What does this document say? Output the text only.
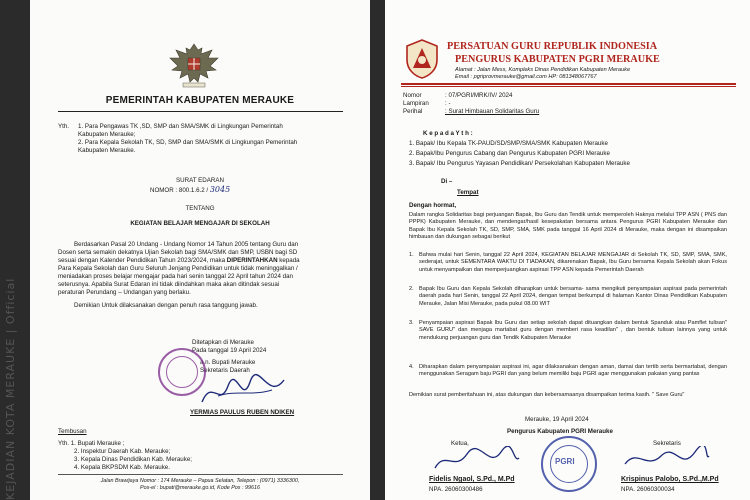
PEMERINTAH KABUPATEN MERAUKE
Yth. 1. Para Pengawas TK ,SD, SMP dan SMA/SMK di Lingkungan Pemerintah
Kabupaten Merauke;
2. Para Kepala Sekolah TK, SD, SMP dan SMA/SMK di Lingkungan Pemerintah
Kabupaten Merauke.
SURAT EDARAN
NOMOR : 800.1.6.2 / 3045
TENTANG
KEGIATAN BELAJAR MENGAJAR DI SEKOLAH
Berdasarkan Pasal 20 Undang - Undang Nomor 14 Tahun 2005 tentang Guru dan
Dosen serta semakin dekatnya Ujian Sekolah bagi SMA/SMK dan SMP, USBN bagi SD
sesuai dengan Kalender Pendidikan Tahun 2023/2024, maka DIPERINTAHKAN kepada
Para Kepala Sekolah dan Guru Seluruh Jenjang Pendidikan untuk tidak meninggalkan /
meniadakan proses belajar mengajar pada hari senin tanggal 22 April tahun 2024 dan
seterusnya. Apabila Surat Edaran ini tidak diindahkan maka akan ditindak sesuai
peraturan Perundang – Undangan yang berlaku.
Demikian Untuk dilaksanakan dengan penuh rasa tanggung jawab.
Ditetapkan di Merauke
Pada tanggal 19 April 2024
a.n. Bupati Merauke
Sekretaris Daerah
YERMIAS PAULUS RUBEN NDIKEN
Tembusan
Yth. 1. Bupati Merauke ;
2. Inspektur Daerah Kab. Merauke;
3. Kepala Dinas Pendidikan Kab. Merauke;
4. Kepala BKPSDM Kab. Merauke.
Jalan Brawijaya Nomor : 174 Merauke – Papua Selatan, Telepon : (0971) 3336300,
Pos-el : bupati@merauke.go.id, Kode Pos : 99616
PERSATUAN GURU REPUBLIK INDONESIA
PENGURUS KABUPATEN PGRI MERAUKE
Alamat : Jalan Mess, Kompleks Dinas Pendidikan Kabupaten Merauke
Email : pgriprovmerauke@gmail.com HP: 081348067767
Nomor	: 07/PGRI/MRK/IV/ 2024
Lampiran	: -
Perihal	: Surat Himbauan Solidaritas Guru
K e p a d a Y t h :
1. Bapak/ Ibu Kepala TK-PAUD/SD/SMP/SMA/SMK Kabupaten Merauke
2. Bapak/Ibu Pengurus Cabang dan Pengurus Kabupaten PGRI Merauke
3. Bapak/ Ibu Pengurus Yayasan Pendidikan/ Persekolahan Kabupaten Merauke
Di –
Tempat
Dengan hormat,
Dalam rangka Solidaritas bagi perjuangan Bapak, Ibu Guru dan Tendik untuk memperoleh Haknya melalui TPP ASN ( PNS dan PPPK) Kabupaten Merauke, dan mendengar/hasil kesepakatan bersama antara Pengurus PGRI Kabupaten Merauke dan Bapak Ibu Kepala Sekolah TK, SD, SMP, SMA, SMK pada tanggal 16 April 2024 di Merauke, maka dengan ini disampaikan himbauan dan dukungan sebagai berikut
1. Bahwa mulai hari Senin, tanggal 22 April 2024, KEGIATAN BELAJAR MENGAJAR di Sekolah TK, SD, SMP, SMA, SMK, sederajat, untuk SEMENTARA WAKTU DI TIADAKAN, dikarenakan Bapak, Ibu Guru bersama Kepala Sekolah akan Fokus untuk menyampaikan dan memperjuangkan aspirasi TPP ASN kepada Pemerintah Daerah
2. Bapak Ibu Guru dan Kepala Sekolah diharapkan untuk bersama- sama mengikuti penyampaian aspirasi pada pemerintah daerah pada hari Senin, tanggal 22 April 2024, dengan tempat berkumpul di halaman Kantor Dinas Pendidikan Kabupaten Merauke, Jalan Misi Merauke, pada pukul 08.00 WIT
3. Penyampaian aspirasi Bapak Ibu Guru dan setiap sekolah dapat dituangkan dalam bentuk Spanduk atau Pamflet tulisan" SAVE GURU" dan menjaga martabat guru dengan memberi rasa keadilan" , dan bentuk tulisan lainnya yang untuk mendukung perjuangan guru dan Tendik Kabupaten Merauke
4. Diharapkan dalam penyampaian aspirasi ini, agar dilaksanakan dengan aman, damai dan tertib serta bermartabat, dengan menggunakan Seragam baju PGRI dan yang belum memiliki baju PGRI agar menggunakan pakaian yang pantas
Demikian surat pemberitahuan ini, atas dukungan dan kebersamaanya disampaikan terima kasih. " Save Guru"
Merauke, 19 April 2024
Pengurus Kabupaten PGRI Merauke
Ketua,	Sekretaris
PGRI
Fidelis Ngaol, S.Pd., M.Pd
NPA. 26060300486
Krispinus Palobo, S.Pd.,M.Pd
NPA. 26060300034
KEJADIAN KOTA MERAUKE | Official
